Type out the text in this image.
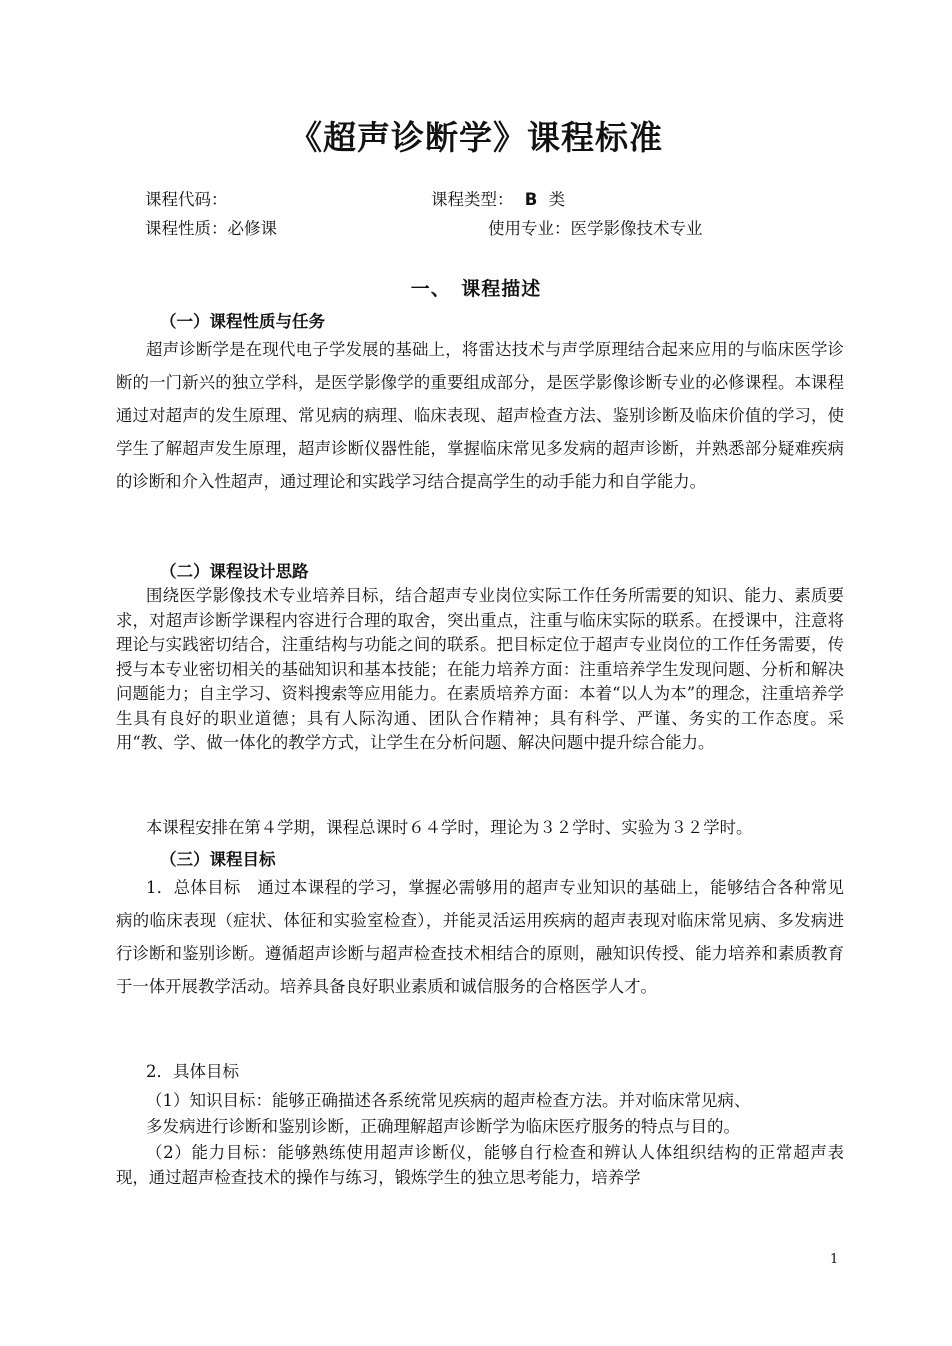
《超声诊断学》课程标准
课程代码：	课程类型： B 类
课程性质：必修课	使用专业：医学影像技术专业
一、　课程描述
（一）课程性质与任务

超声诊断学是在现代电子学发展的基础上，将雷达技术与声学原理结合起来应用的与临床医学诊断的一门新兴的独立学科，是医学影像学的重要组成部分，是医学影像诊断专业的必修课程。本课程通过对超声的发生原理、常见病的病理、临床表现、超声检查方法、鉴别诊断及临床价值的学习，使学生了解超声发生原理，超声诊断仪器性能，掌握临床常见多发病的超声诊断，并熟悉部分疑难疾病的诊断和介入性超声，通过理论和实践学习结合提高学生的动手能力和自学能力。

（二）课程设计思路

围绕医学影像技术专业培养目标，结合超声专业岗位实际工作任务所需要的知识、能力、素质要求，对超声诊断学课程内容进行合理的取舍，突出重点，注重与临床实际的联系。在授课中，注意将理论与实践密切结合，注重结构与功能之间的联系。把目标定位于超声专业岗位的工作任务需要，传授与本专业密切相关的基础知识和基本技能；在能力培养方面：注重培养学生发现问题、分析和解决问题能力；自主学习、资料搜索等应用能力。在素质培养方面：本着“以人为本”的理念，注重培养学生具有良好的职业道德；具有人际沟通、团队合作精神；具有科学、严谨、务实的工作态度。采用“教、学、做一体化的教学方式，让学生在分析问题、解决问题中提升综合能力。

本课程安排在第４学期，课程总课时６４学时，理论为３２学时、实验为３２学时。

（三）课程目标

1．总体目标　通过本课程的学习，掌握必需够用的超声专业知识的基础上，能够结合各种常见病的临床表现（症状、体征和实验室检查），并能灵活运用疾病的超声表现对临床常见病、多发病进行诊断和鉴别诊断。遵循超声诊断与超声检查技术相结合的原则，融知识传授、能力培养和素质教育于一体开展教学活动。培养具备良好职业素质和诚信服务的合格医学人才。

2．具体目标
（1）知识目标：能够正确描述各系统常见疾病的超声检查方法。并对临床常见病、
多发病进行诊断和鉴别诊断，正确理解超声诊断学为临床医疗服务的特点与目的。

（2）能力目标：能够熟练使用超声诊断仪，能够自行检查和辨认人体组织结构的正常超声表现，通过超声检查技术的操作与练习，锻炼学生的独立思考能力，培养学

1
